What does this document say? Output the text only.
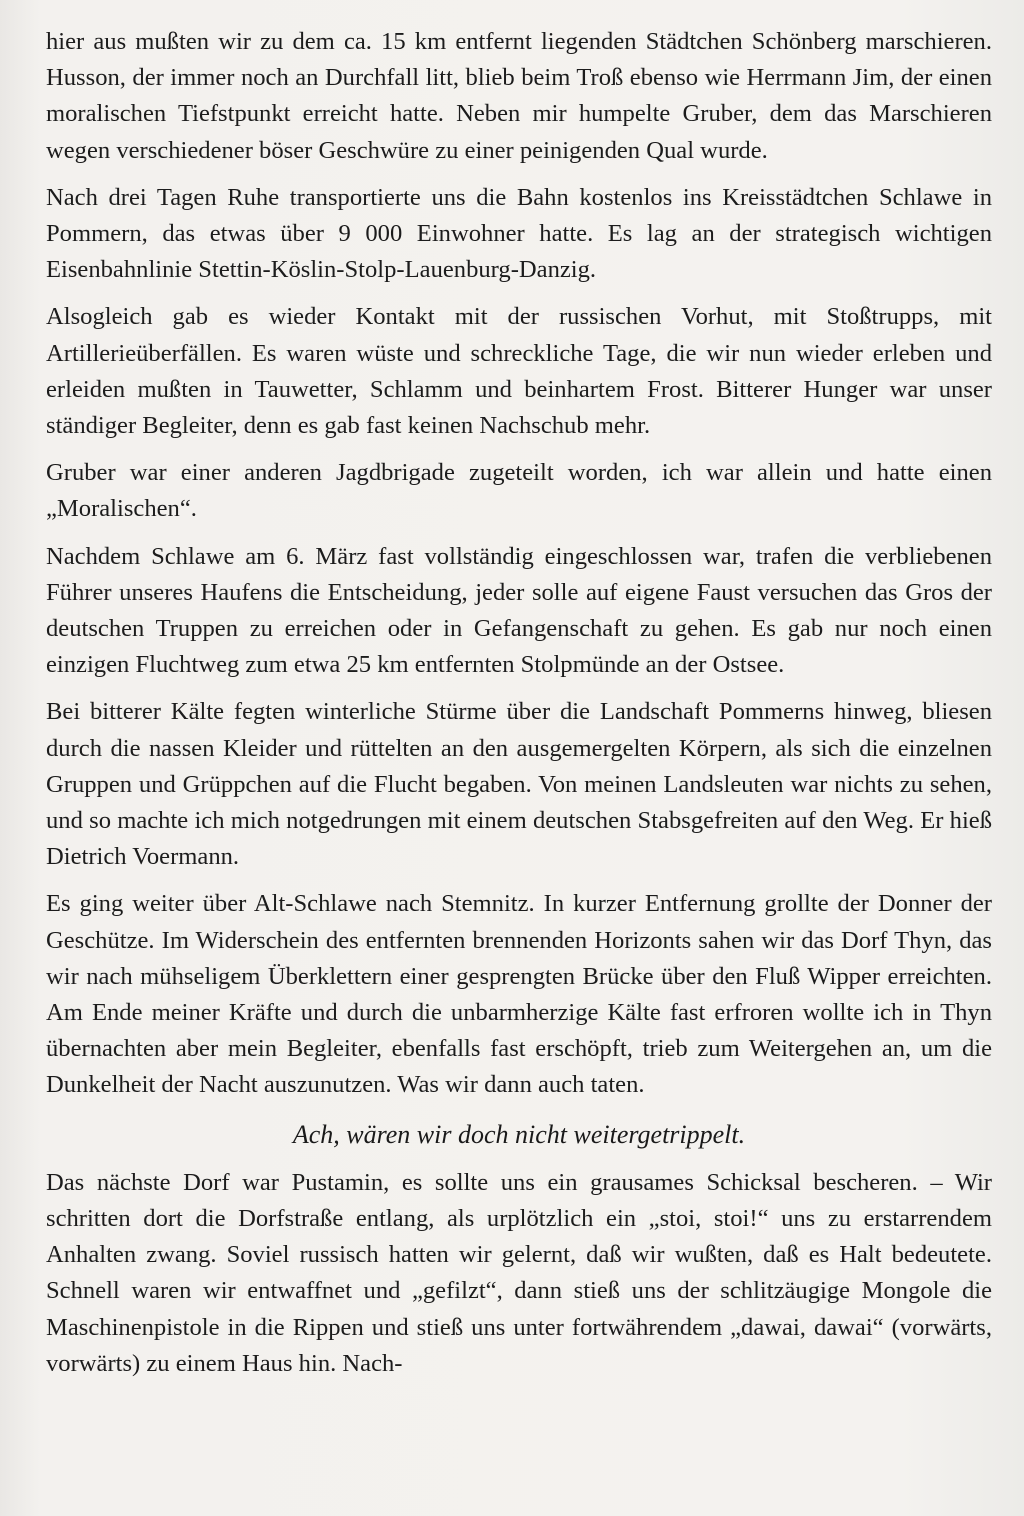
hier aus mußten wir zu dem ca. 15 km entfernt liegenden Städtchen Schönberg marschieren. Husson, der immer noch an Durchfall litt, blieb beim Troß ebenso wie Herrmann Jim, der einen moralischen Tiefstpunkt erreicht hatte. Neben mir humpelte Gruber, dem das Marschieren wegen verschiedener böser Geschwüre zu einer peinigenden Qual wurde.

Nach drei Tagen Ruhe transportierte uns die Bahn kostenlos ins Kreisstädtchen Schlawe in Pommern, das etwas über 9 000 Einwohner hatte. Es lag an der strategisch wichtigen Eisenbahnlinie Stettin-Köslin-Stolp-Lauenburg-Danzig.

Alsogleich gab es wieder Kontakt mit der russischen Vorhut, mit Stoßtrupps, mit Artillerieüberfällen. Es waren wüste und schreckliche Tage, die wir nun wieder erleben und erleiden mußten in Tauwetter, Schlamm und beinhartem Frost. Bitterer Hunger war unser ständiger Begleiter, denn es gab fast keinen Nachschub mehr.

Gruber war einer anderen Jagdbrigade zugeteilt worden, ich war allein und hatte einen „Moralischen“.

Nachdem Schlawe am 6. März fast vollständig eingeschlossen war, trafen die verbliebenen Führer unseres Haufens die Entscheidung, jeder solle auf eigene Faust versuchen das Gros der deutschen Truppen zu erreichen oder in Gefangenschaft zu gehen. Es gab nur noch einen einzigen Fluchtweg zum etwa 25 km entfernten Stolpmünde an der Ostsee.

Bei bitterer Kälte fegten winterliche Stürme über die Landschaft Pommerns hinweg, bliesen durch die nassen Kleider und rüttelten an den ausgemergelten Körpern, als sich die einzelnen Gruppen und Grüppchen auf die Flucht begaben. Von meinen Landsleuten war nichts zu sehen, und so machte ich mich notgedrungen mit einem deutschen Stabsgefreiten auf den Weg. Er hieß Dietrich Voermann.

Es ging weiter über Alt-Schlawe nach Stemnitz. In kurzer Entfernung grollte der Donner der Geschütze. Im Widerschein des entfernten brennenden Horizonts sahen wir das Dorf Thyn, das wir nach mühseligem Überklettern einer gesprengten Brücke über den Fluß Wipper erreichten. Am Ende meiner Kräfte und durch die unbarmherzige Kälte fast erfroren wollte ich in Thyn übernachten aber mein Begleiter, ebenfalls fast erschöpft, trieb zum Weitergehen an, um die Dunkelheit der Nacht auszunutzen. Was wir dann auch taten.

Ach, wären wir doch nicht weitergetrippelt.

Das nächste Dorf war Pustamin, es sollte uns ein grausames Schicksal bescheren. – Wir schritten dort die Dorfstraße entlang, als urplötzlich ein „stoi, stoi!“ uns zu erstarrendem Anhalten zwang. Soviel russisch hatten wir gelernt, daß wir wußten, daß es Halt bedeutete. Schnell waren wir entwaffnet und „gefilzt“, dann stieß uns der schlitzäugige Mongole die Maschinenpistole in die Rippen und stieß uns unter fortwährendem „dawai, dawai“ (vorwärts, vorwärts) zu einem Haus hin. Nach-
